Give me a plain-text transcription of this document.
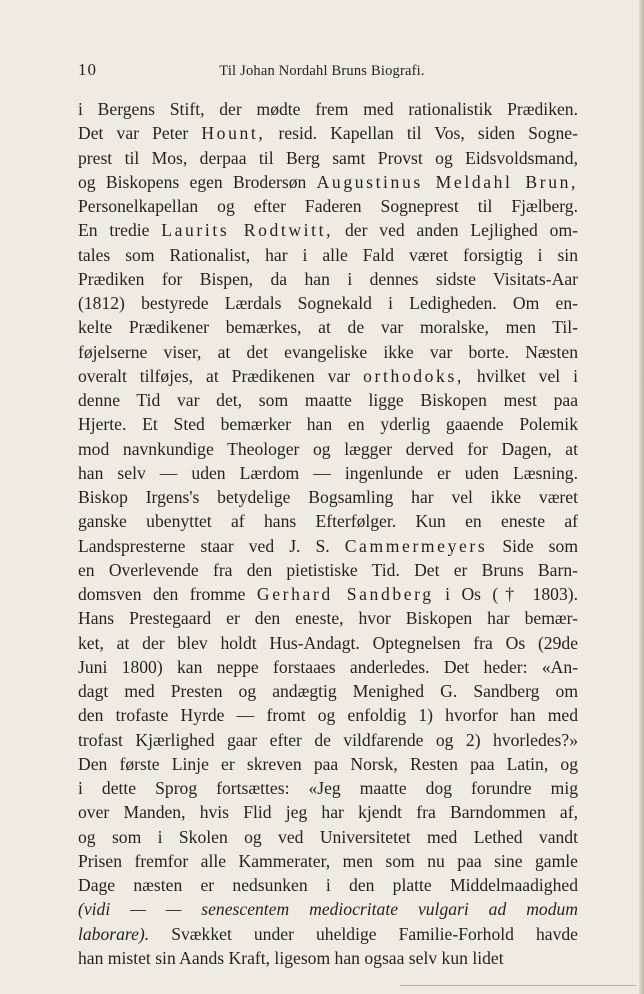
10	Til Johan Nordahl Bruns Biografi.
i Bergens Stift, der mødte frem med rationalistik Prædiken.
Det var Peter Hount, resid. Kapellan til Vos, siden Sogne-
prest til Mos, derpaa til Berg samt Provst og Eidsvoldsmand,
og Biskopens egen Brodersøn Augustinus Meldahl Brun,
Personelkapellan og efter Faderen Sogneprest til Fjælberg.
En tredie Laurits Rodtwitt, der ved anden Lejlighed om-
tales som Rationalist, har i alle Fald været forsigtig i sin
Prædiken for Bispen, da han i dennes sidste Visitats-Aar
(1812) bestyrede Lærdals Sognekald i Ledigheden. Om en-
kelte Prædikener bemærkes, at de var moralske, men Til-
føjelserne viser, at det evangeliske ikke var borte. Næsten
overalt tilføjes, at Prædikenen var orthodoks, hvilket vel i
denne Tid var det, som maatte ligge Biskopen mest paa
Hjerte. Et Sted bemærker han en yderlig gaaende Polemik
mod navnkundige Theologer og lægger derved for Dagen, at
han selv — uden Lærdom — ingenlunde er uden Læsning.
Biskop Irgens's betydelige Bogsamling har vel ikke været
ganske ubenyttet af hans Efterfølger. Kun en eneste af
Landspresterne staar ved J. S. Cammermeyers Side som
en Overlevende fra den pietistiske Tid. Det er Bruns Barn-
domsven den fromme Gerhard Sandberg i Os († 1803).
Hans Prestegaard er den eneste, hvor Biskopen har bemær-
ket, at der blev holdt Hus-Andagt. Optegnelsen fra Os (29de
Juni 1800) kan neppe forstaaes anderledes. Det heder: «An-
dagt med Presten og andægtig Menighed G. Sandberg om
den trofaste Hyrde — fromt og enfoldig 1) hvorfor han med
trofast Kjærlighed gaar efter de vildfarende og 2) hvorledes?»
Den første Linje er skreven paa Norsk, Resten paa Latin, og
i dette Sprog fortsættes: «Jeg maatte dog forundre mig
over Manden, hvis Flid jeg har kjendt fra Barndommen af,
og som i Skolen og ved Universitetet med Lethed vandt
Prisen fremfor alle Kammerater, men som nu paa sine gamle
Dage næsten er nedsunken i den platte Middelmaadighed
(vidi — — senescentem mediocritate vulgari ad modum
laborare). Svækket under uheldige Familie-Forhold havde
han mistet sin Aands Kraft, ligesom han ogsaa selv kun lidet
